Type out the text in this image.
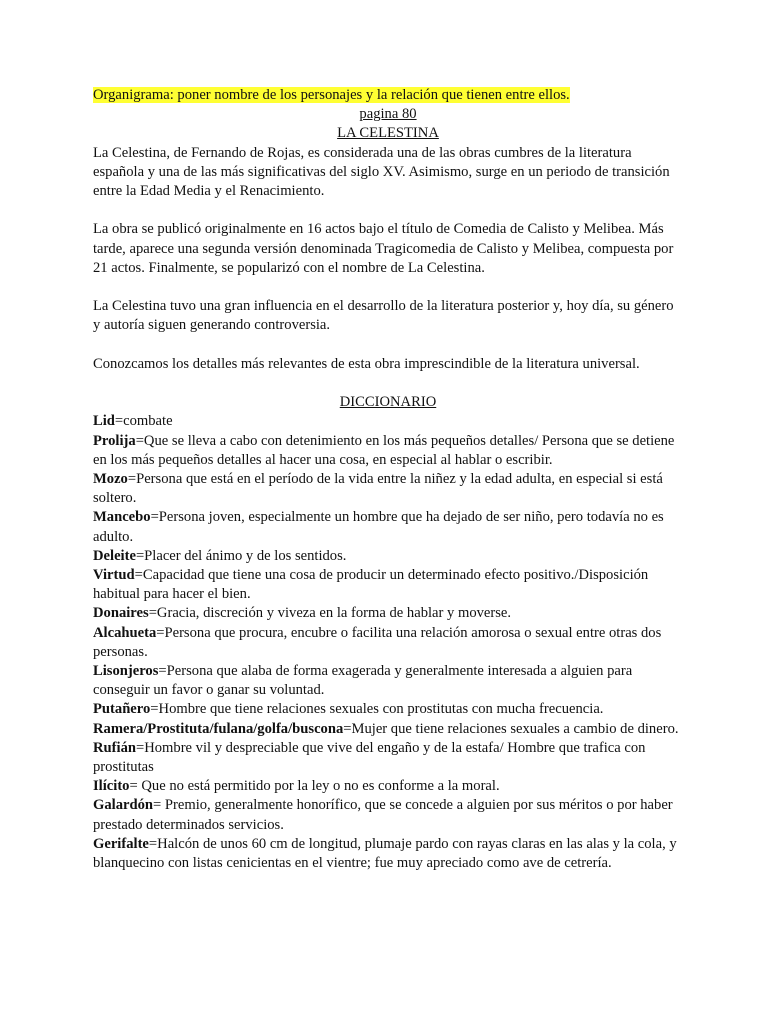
Organigrama: poner nombre de los personajes y la relación que tienen entre ellos.

pagina 80

LA CELESTINA

La Celestina, de Fernando de Rojas, es considerada una de las obras cumbres de la literatura española y una de las más significativas del siglo XV. Asimismo, surge en un periodo de transición entre la Edad Media y el Renacimiento.

La obra se publicó originalmente en 16 actos bajo el título de Comedia de Calisto y Melibea. Más tarde, aparece una segunda versión denominada Tragicomedia de Calisto y Melibea, compuesta por 21 actos. Finalmente, se popularizó con el nombre de La Celestina.

La Celestina tuvo una gran influencia en el desarrollo de la literatura posterior y, hoy día, su género y autoría siguen generando controversia.

Conozcamos los detalles más relevantes de esta obra imprescindible de la literatura universal.

DICCIONARIO

Lid=combate

Prolija=Que se lleva a cabo con detenimiento en los más pequeños detalles/ Persona que se detiene en los más pequeños detalles al hacer una cosa, en especial al hablar o escribir.

Mozo=Persona que está en el período de la vida entre la niñez y la edad adulta, en especial si está soltero.

Mancebo=Persona joven, especialmente un hombre que ha dejado de ser niño, pero todavía no es adulto.

Deleite=Placer del ánimo y de los sentidos.

Virtud=Capacidad que tiene una cosa de producir un determinado efecto positivo./Disposición habitual para hacer el bien.

Donaires=Gracia, discreción y viveza en la forma de hablar y moverse.

Alcahueta=Persona que procura, encubre o facilita una relación amorosa o sexual entre otras dos personas.

Lisonjeros=Persona que alaba de forma exagerada y generalmente interesada a alguien para conseguir un favor o ganar su voluntad.

Putañero=Hombre que tiene relaciones sexuales con prostitutas con mucha frecuencia.

Ramera/Prostituta/fulana/golfa/buscona=Mujer que tiene relaciones sexuales a cambio de dinero.

Rufián=Hombre vil y despreciable que vive del engaño y de la estafa/ Hombre que trafica con prostitutas

Ilícito= Que no está permitido por la ley o no es conforme a la moral.

Galardón= Premio, generalmente honorífico, que se concede a alguien por sus méritos o por haber prestado determinados servicios.

Gerifalte=Halcón de unos 60 cm de longitud, plumaje pardo con rayas claras en las alas y la cola, y blanquecino con listas cenicientas en el vientre; fue muy apreciado como ave de cetrería.
